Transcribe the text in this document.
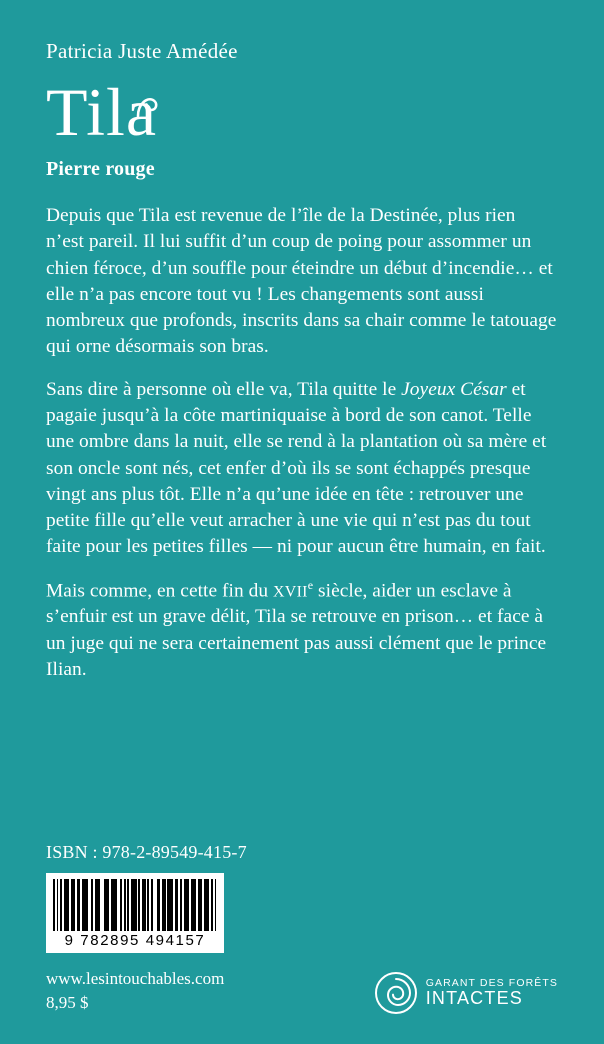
Patricia Juste Amédée
Tila
Pierre rouge

Depuis que Tila est revenue de l’île de la Destinée, plus rien n’est pareil. Il lui suffit d’un coup de poing pour assommer un chien féroce, d’un souffle pour éteindre un début d’incendie… et elle n’a pas encore tout vu ! Les changements sont aussi nombreux que profonds, inscrits dans sa chair comme le tatouage qui orne désormais son bras.

Sans dire à personne où elle va, Tila quitte le Joyeux César et pagaie jusqu’à la côte martiniquaise à bord de son canot. Telle une ombre dans la nuit, elle se rend à la plantation où sa mère et son oncle sont nés, cet enfer d’où ils se sont échappés presque vingt ans plus tôt. Elle n’a qu’une idée en tête : retrouver une petite fille qu’elle veut arracher à une vie qui n’est pas du tout faite pour les petites filles — ni pour aucun être humain, en fait.

Mais comme, en cette fin du XVIIe siècle, aider un esclave à s’enfuir est un grave délit, Tila se retrouve en prison… et face à un juge qui ne sera certainement pas aussi clément que le prince Ilian.

ISBN : 978-2-89549-415-7
9 782895 494157
www.lesintouchables.com
8,95 $
GARANT DES FORÊTS
INTACTES
